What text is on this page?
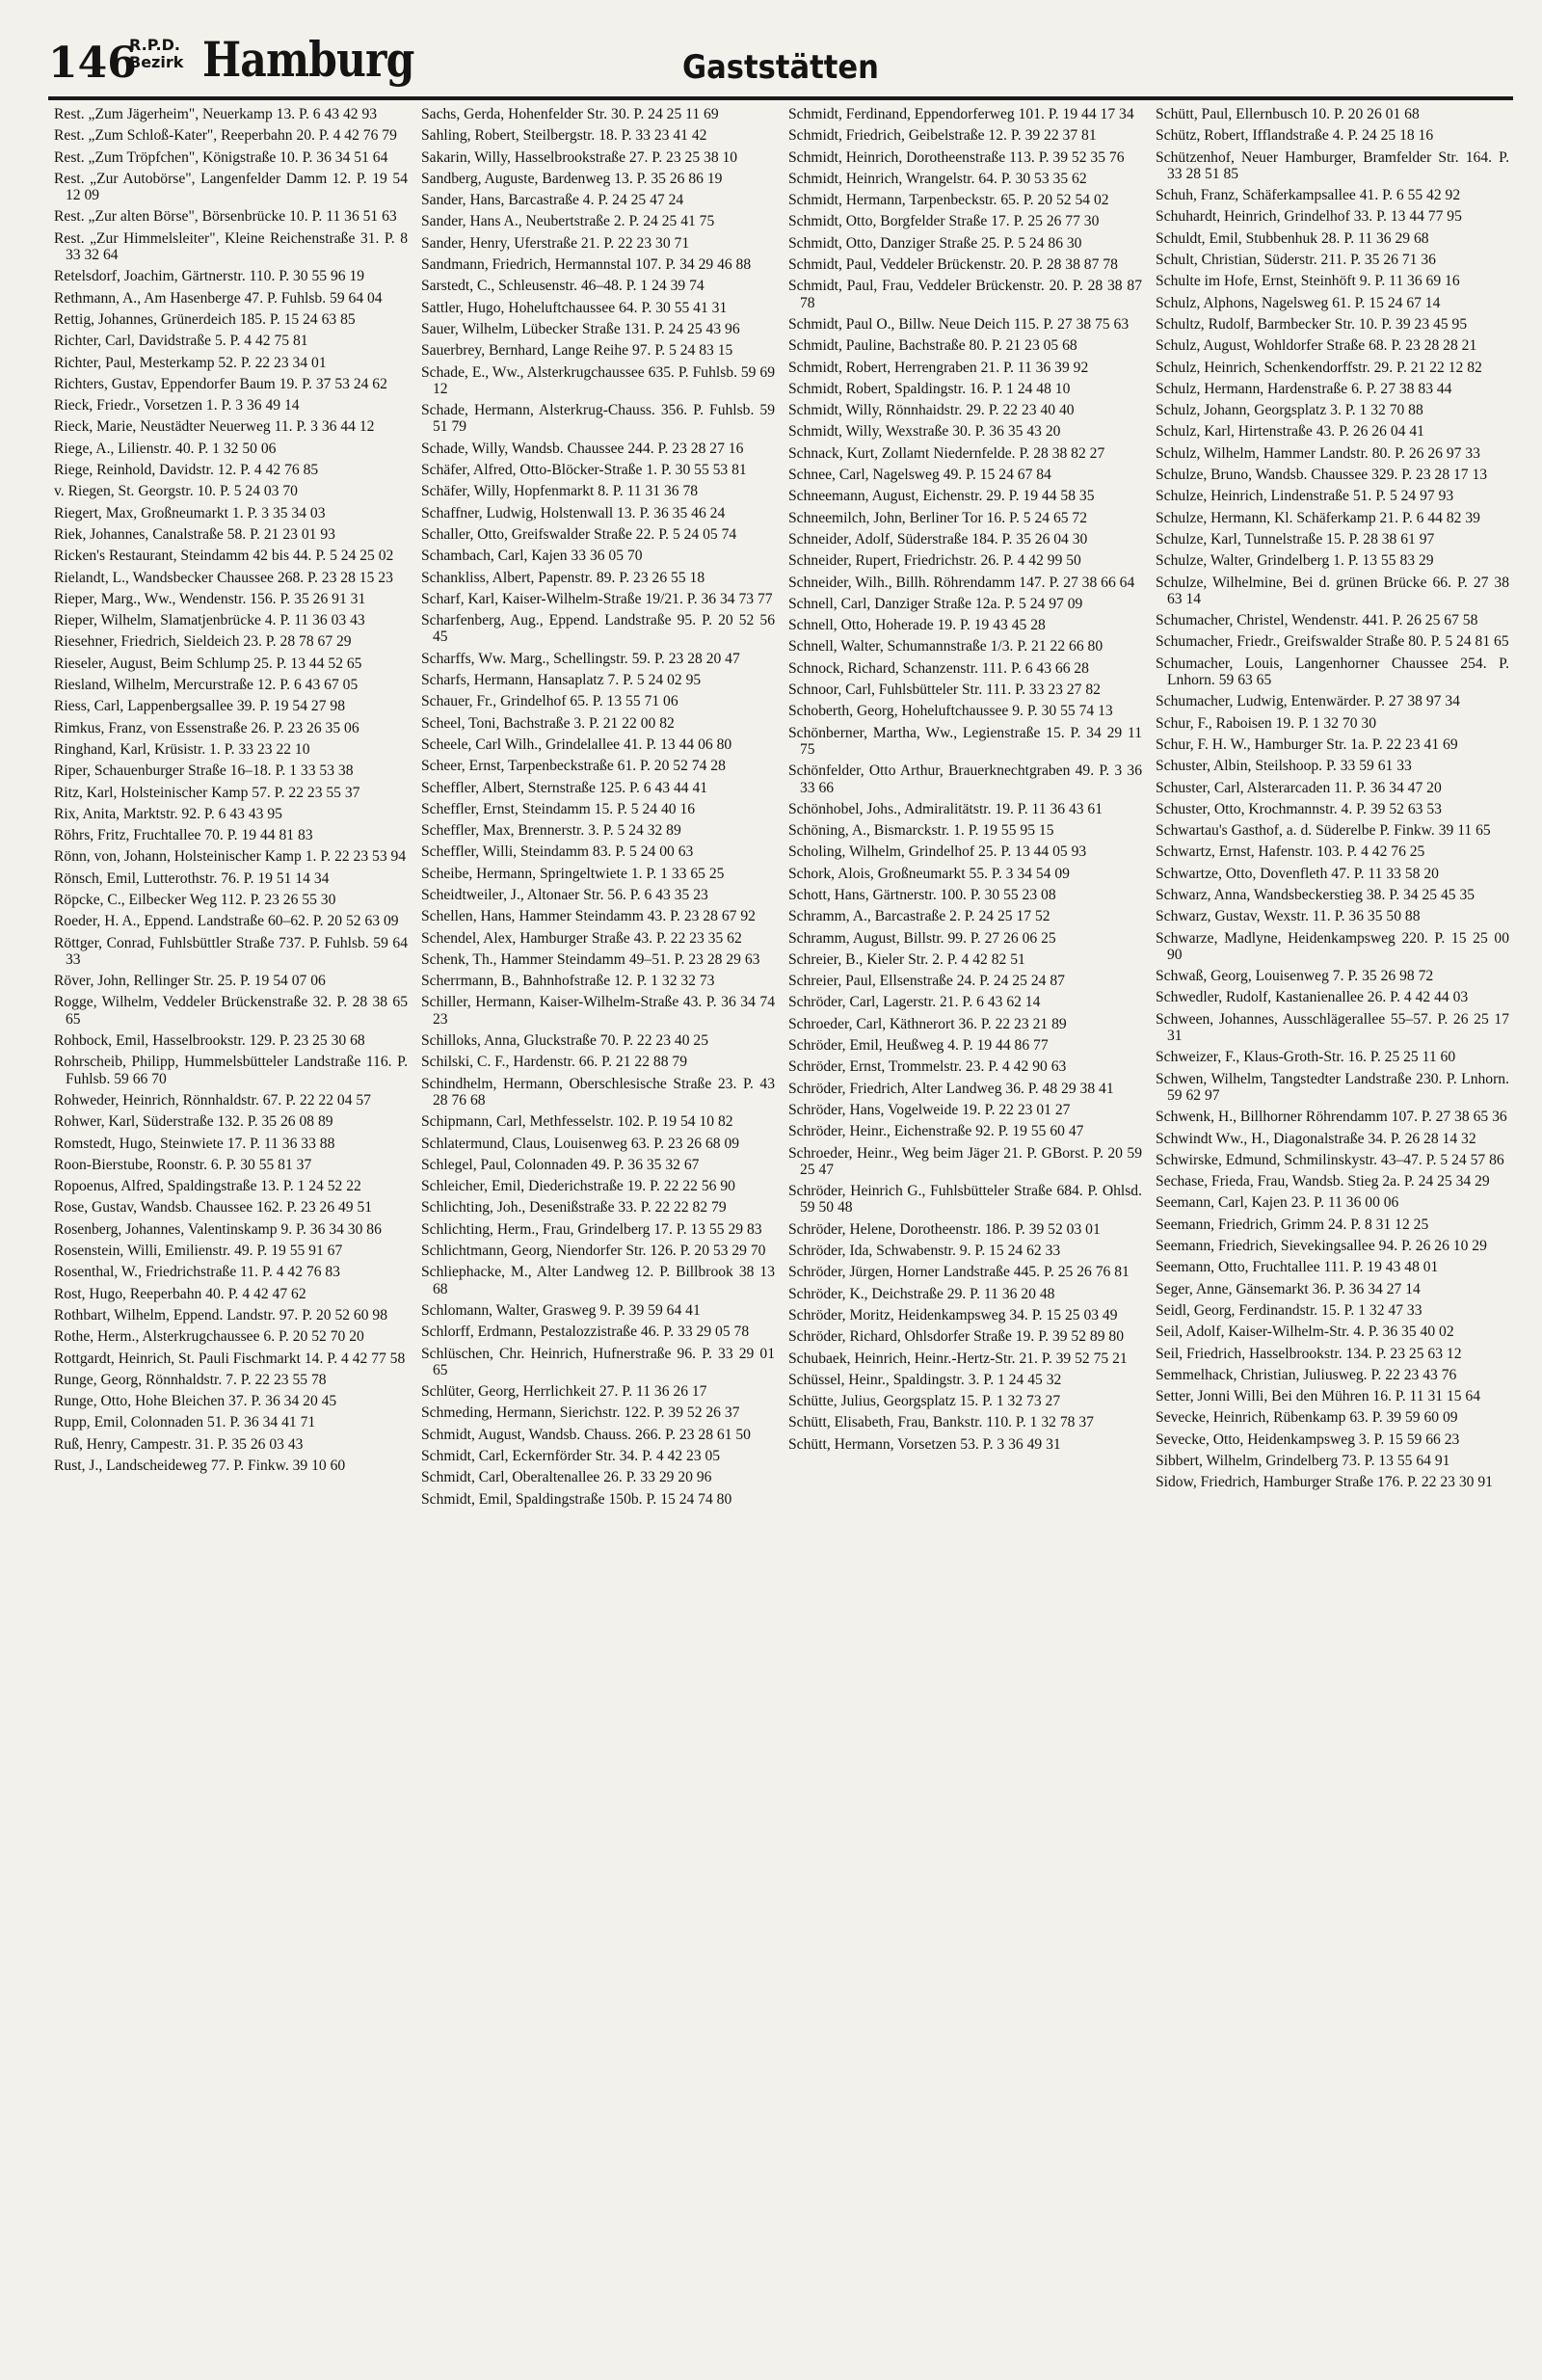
146
R.P.D.
Bezirk Hamburg	Gaststätten

Rest. „Zum Jägerheim", Neuerkamp 13. P. 6 43 42 93

Rest. „Zum Schloß-Kater", Reeperbahn 20. P. 4 42 76 79

Rest. „Zum Tröpfchen", Königstraße 10. P. 36 34 51 64

Rest. „Zur Autobörse", Langenfelder Damm 12. P. 19 54 12 09

Rest. „Zur alten Börse", Börsenbrücke 10. P. 11 36 51 63

Rest. „Zur Himmelsleiter", Kleine Reichenstraße 31. P. 8 33 32 64

Retelsdorf, Joachim, Gärtnerstr. 110. P. 30 55 96 19

Rethmann, A., Am Hasenberge 47. P. Fuhlsb. 59 64 04

Rettig, Johannes, Grünerdeich 185. P. 15 24 63 85

Richter, Carl, Davidstraße 5. P. 4 42 75 81

Richter, Paul, Mesterkamp 52. P. 22 23 34 01

Richters, Gustav, Eppendorfer Baum 19. P. 37 53 24 62

Rieck, Friedr., Vorsetzen 1. P. 3 36 49 14

Rieck, Marie, Neustädter Neuerweg 11. P. 3 36 44 12

Riege, A., Lilienstr. 40. P. 1 32 50 06

Riege, Reinhold, Davidstr. 12. P. 4 42 76 85

v. Riegen, St. Georgstr. 10. P. 5 24 03 70

Riegert, Max, Großneumarkt 1. P. 3 35 34 03

Riek, Johannes, Canalstraße 58. P. 21 23 01 93

Ricken's Restaurant, Steindamm 42 bis 44. P. 5 24 25 02

Rielandt, L., Wandsbecker Chaussee 268. P. 23 28 15 23

Rieper, Marg., Ww., Wendenstr. 156. P. 35 26 91 31

Rieper, Wilhelm, Slamatjenbrücke 4. P. 11 36 03 43

Riesehner, Friedrich, Sieldeich 23. P. 28 78 67 29

Rieseler, August, Beim Schlump 25. P. 13 44 52 65

Riesland, Wilhelm, Mercurstraße 12. P. 6 43 67 05

Riess, Carl, Lappenbergsallee 39. P. 19 54 27 98

Rimkus, Franz, von Essenstraße 26. P. 23 26 35 06

Ringhand, Karl, Krüsistr. 1. P. 33 23 22 10

Riper, Schauenburger Straße 16–18. P. 1 33 53 38

Ritz, Karl, Holsteinischer Kamp 57. P. 22 23 55 37

Rix, Anita, Marktstr. 92. P. 6 43 43 95

Röhrs, Fritz, Fruchtallee 70. P. 19 44 81 83

Rönn, von, Johann, Holsteinischer Kamp 1. P. 22 23 53 94

Rönsch, Emil, Lutterothstr. 76. P. 19 51 14 34

Röpcke, C., Eilbecker Weg 112. P. 23 26 55 30

Roeder, H. A., Eppend. Landstraße 60–62. P. 20 52 63 09

Röttger, Conrad, Fuhlsbüttler Straße 737. P. Fuhlsb. 59 64 33

Röver, John, Rellinger Str. 25. P. 19 54 07 06

Rogge, Wilhelm, Veddeler Brückenstraße 32. P. 28 38 65 65

Rohbock, Emil, Hasselbrookstr. 129. P. 23 25 30 68

Rohrscheib, Philipp, Hummelsbütteler Landstraße 116. P. Fuhlsb. 59 66 70

Rohweder, Heinrich, Rönnhaldstr. 67. P. 22 22 04 57

Rohwer, Karl, Süderstraße 132. P. 35 26 08 89

Romstedt, Hugo, Steinwiete 17. P. 11 36 33 88

Roon-Bierstube, Roonstr. 6. P. 30 55 81 37

Ropoenus, Alfred, Spaldingstraße 13. P. 1 24 52 22

Rose, Gustav, Wandsb. Chaussee 162. P. 23 26 49 51

Rosenberg, Johannes, Valentinskamp 9. P. 36 34 30 86

Rosenstein, Willi, Emilienstr. 49. P. 19 55 91 67

Rosenthal, W., Friedrichstraße 11. P. 4 42 76 83

Rost, Hugo, Reeperbahn 40. P. 4 42 47 62

Rothbart, Wilhelm, Eppend. Landstr. 97. P. 20 52 60 98

Rothe, Herm., Alsterkrugchaussee 6. P. 20 52 70 20

Rottgardt, Heinrich, St. Pauli Fischmarkt 14. P. 4 42 77 58

Runge, Georg, Rönnhaldstr. 7. P. 22 23 55 78

Runge, Otto, Hohe Bleichen 37. P. 36 34 20 45

Rupp, Emil, Colonnaden 51. P. 36 34 41 71

Ruß, Henry, Campestr. 31. P. 35 26 03 43

Rust, J., Landscheideweg 77. P. Finkw. 39 10 60

Sachs, Gerda, Hohenfelder Str. 30. P. 24 25 11 69

Sahling, Robert, Steilbergstr. 18. P. 33 23 41 42

Sakarin, Willy, Hasselbrookstraße 27. P. 23 25 38 10

Sandberg, Auguste, Bardenweg 13. P. 35 26 86 19

Sander, Hans, Barcastraße 4. P. 24 25 47 24

Sander, Hans A., Neubertstraße 2. P. 24 25 41 75

Sander, Henry, Uferstraße 21. P. 22 23 30 71

Sandmann, Friedrich, Hermannstal 107. P. 34 29 46 88

Sarstedt, C., Schleusenstr. 46–48. P. 1 24 39 74

Sattler, Hugo, Hoheluftchaussee 64. P. 30 55 41 31

Sauer, Wilhelm, Lübecker Straße 131. P. 24 25 43 96

Sauerbrey, Bernhard, Lange Reihe 97. P. 5 24 83 15

Schade, E., Ww., Alsterkrugchaussee 635. P. Fuhlsb. 59 69 12

Schade, Hermann, Alsterkrug-Chauss. 356. P. Fuhlsb. 59 51 79

Schade, Willy, Wandsb. Chaussee 244. P. 23 28 27 16

Schäfer, Alfred, Otto-Blöcker-Straße 1. P. 30 55 53 81

Schäfer, Willy, Hopfenmarkt 8. P. 11 31 36 78

Schaffner, Ludwig, Holstenwall 13. P. 36 35 46 24

Schaller, Otto, Greifswalder Straße 22. P. 5 24 05 74

Schambach, Carl, Kajen 33 36 05 70

Schankliss, Albert, Papenstr. 89. P. 23 26 55 18

Scharf, Karl, Kaiser-Wilhelm-Straße 19/21. P. 36 34 73 77

Scharfenberg, Aug., Eppend. Landstraße 95. P. 20 52 56 45

Scharffs, Ww. Marg., Schellingstr. 59. P. 23 28 20 47

Scharfs, Hermann, Hansaplatz 7. P. 5 24 02 95

Schauer, Fr., Grindelhof 65. P. 13 55 71 06

Scheel, Toni, Bachstraße 3. P. 21 22 00 82

Scheele, Carl Wilh., Grindelallee 41. P. 13 44 06 80

Scheer, Ernst, Tarpenbeckstraße 61. P. 20 52 74 28

Scheffler, Albert, Sternstraße 125. P. 6 43 44 41

Scheffler, Ernst, Steindamm 15. P. 5 24 40 16

Scheffler, Max, Brennerstr. 3. P. 5 24 32 89

Scheffler, Willi, Steindamm 83. P. 5 24 00 63

Scheibe, Hermann, Springeltwiete 1. P. 1 33 65 25

Scheidtweiler, J., Altonaer Str. 56. P. 6 43 35 23

Schellen, Hans, Hammer Steindamm 43. P. 23 28 67 92

Schendel, Alex, Hamburger Straße 43. P. 22 23 35 62

Schenk, Th., Hammer Steindamm 49–51. P. 23 28 29 63

Scherrmann, B., Bahnhofstraße 12. P. 1 32 32 73

Schiller, Hermann, Kaiser-Wilhelm-Straße 43. P. 36 34 74 23

Schilloks, Anna, Gluckstraße 70. P. 22 23 40 25

Schilski, C. F., Hardenstr. 66. P. 21 22 88 79

Schindhelm, Hermann, Oberschlesische Straße 23. P. 43 28 76 68

Schipmann, Carl, Methfesselstr. 102. P. 19 54 10 82

Schlatermund, Claus, Louisenweg 63. P. 23 26 68 09

Schlegel, Paul, Colonnaden 49. P. 36 35 32 67

Schleicher, Emil, Diederichstraße 19. P. 22 22 56 90

Schlichting, Joh., Desenißstraße 33. P. 22 22 82 79

Schlichting, Herm., Frau, Grindelberg 17. P. 13 55 29 83

Schlichtmann, Georg, Niendorfer Str. 126. P. 20 53 29 70

Schliephacke, M., Alter Landweg 12. P. Billbrook 38 13 68

Schlomann, Walter, Grasweg 9. P. 39 59 64 41

Schlorff, Erdmann, Pestalozzistraße 46. P. 33 29 05 78

Schlüschen, Chr. Heinrich, Hufnerstraße 96. P. 33 29 01 65

Schlüter, Georg, Herrlichkeit 27. P. 11 36 26 17

Schmeding, Hermann, Sierichstr. 122. P. 39 52 26 37

Schmidt, August, Wandsb. Chauss. 266. P. 23 28 61 50

Schmidt, Carl, Eckernförder Str. 34. P. 4 42 23 05

Schmidt, Carl, Oberaltenallee 26. P. 33 29 20 96

Schmidt, Emil, Spaldingstraße 150b. P. 15 24 74 80

Schmidt, Ferdinand, Eppendorferweg 101. P. 19 44 17 34

Schmidt, Friedrich, Geibelstraße 12. P. 39 22 37 81

Schmidt, Heinrich, Dorotheenstraße 113. P. 39 52 35 76

Schmidt, Heinrich, Wrangelstr. 64. P. 30 53 35 62

Schmidt, Hermann, Tarpenbeckstr. 65. P. 20 52 54 02

Schmidt, Otto, Borgfelder Straße 17. P. 25 26 77 30

Schmidt, Otto, Danziger Straße 25. P. 5 24 86 30

Schmidt, Paul, Veddeler Brückenstr. 20. P. 28 38 87 78

Schmidt, Paul, Frau, Veddeler Brückenstr. 20. P. 28 38 87 78

Schmidt, Paul O., Billw. Neue Deich 115. P. 27 38 75 63

Schmidt, Pauline, Bachstraße 80. P. 21 23 05 68

Schmidt, Robert, Herrengraben 21. P. 11 36 39 92

Schmidt, Robert, Spaldingstr. 16. P. 1 24 48 10

Schmidt, Willy, Rönnhaidstr. 29. P. 22 23 40 40

Schmidt, Willy, Wexstraße 30. P. 36 35 43 20

Schnack, Kurt, Zollamt Niedernfelde. P. 28 38 82 27

Schnee, Carl, Nagelsweg 49. P. 15 24 67 84

Schneemann, August, Eichenstr. 29. P. 19 44 58 35

Schneemilch, John, Berliner Tor 16. P. 5 24 65 72

Schneider, Adolf, Süderstraße 184. P. 35 26 04 30

Schneider, Rupert, Friedrichstr. 26. P. 4 42 99 50

Schneider, Wilh., Billh. Röhrendamm 147. P. 27 38 66 64

Schnell, Carl, Danziger Straße 12a. P. 5 24 97 09

Schnell, Otto, Hoherade 19. P. 19 43 45 28

Schnell, Walter, Schumannstraße 1/3. P. 21 22 66 80

Schnock, Richard, Schanzenstr. 111. P. 6 43 66 28

Schnoor, Carl, Fuhlsbütteler Str. 111. P. 33 23 27 82

Schoberth, Georg, Hoheluftchaussee 9. P. 30 55 74 13

Schönberner, Martha, Ww., Legienstraße 15. P. 34 29 11 75

Schönfelder, Otto Arthur, Brauerknechtgraben 49. P. 3 36 33 66

Schönhobel, Johs., Admiralitätstr. 19. P. 11 36 43 61

Schöning, A., Bismarckstr. 1. P. 19 55 95 15

Scholing, Wilhelm, Grindelhof 25. P. 13 44 05 93

Schork, Alois, Großneumarkt 55. P. 3 34 54 09

Schott, Hans, Gärtnerstr. 100. P. 30 55 23 08

Schramm, A., Barcastraße 2. P. 24 25 17 52

Schramm, August, Billstr. 99. P. 27 26 06 25

Schreier, B., Kieler Str. 2. P. 4 42 82 51

Schreier, Paul, Ellsenstraße 24. P. 24 25 24 87

Schröder, Carl, Lagerstr. 21. P. 6 43 62 14

Schroeder, Carl, Käthnerort 36. P. 22 23 21 89

Schröder, Emil, Heußweg 4. P. 19 44 86 77

Schröder, Ernst, Trommelstr. 23. P. 4 42 90 63

Schröder, Friedrich, Alter Landweg 36. P. 48 29 38 41

Schröder, Hans, Vogelweide 19. P. 22 23 01 27

Schröder, Heinr., Eichenstraße 92. P. 19 55 60 47

Schroeder, Heinr., Weg beim Jäger 21. P. GBorst. P. 20 59 25 47

Schröder, Heinrich G., Fuhlsbütteler Straße 684. P. Ohlsd. 59 50 48

Schröder, Helene, Dorotheenstr. 186. P. 39 52 03 01

Schröder, Ida, Schwabenstr. 9. P. 15 24 62 33

Schröder, Jürgen, Horner Landstraße 445. P. 25 26 76 81

Schröder, K., Deichstraße 29. P. 11 36 20 48

Schröder, Moritz, Heidenkampsweg 34. P. 15 25 03 49

Schröder, Richard, Ohlsdorfer Straße 19. P. 39 52 89 80

Schubaek, Heinrich, Heinr.-Hertz-Str. 21. P. 39 52 75 21

Schüssel, Heinr., Spaldingstr. 3. P. 1 24 45 32

Schütte, Julius, Georgsplatz 15. P. 1 32 73 27

Schütt, Elisabeth, Frau, Bankstr. 110. P. 1 32 78 37

Schütt, Hermann, Vorsetzen 53. P. 3 36 49 31

Schütt, Paul, Ellernbusch 10. P. 20 26 01 68

Schütz, Robert, Ifflandstraße 4. P. 24 25 18 16

Schützenhof, Neuer Hamburger, Bramfelder Str. 164. P. 33 28 51 85

Schuh, Franz, Schäferkampsallee 41. P. 6 55 42 92

Schuhardt, Heinrich, Grindelhof 33. P. 13 44 77 95

Schuldt, Emil, Stubbenhuk 28. P. 11 36 29 68

Schult, Christian, Süderstr. 211. P. 35 26 71 36

Schulte im Hofe, Ernst, Steinhöft 9. P. 11 36 69 16

Schulz, Alphons, Nagelsweg 61. P. 15 24 67 14

Schultz, Rudolf, Barmbecker Str. 10. P. 39 23 45 95

Schulz, August, Wohldorfer Straße 68. P. 23 28 28 21

Schulz, Heinrich, Schenkendorffstr. 29. P. 21 22 12 82

Schulz, Hermann, Hardenstraße 6. P. 27 38 83 44

Schulz, Johann, Georgsplatz 3. P. 1 32 70 88

Schulz, Karl, Hirtenstraße 43. P. 26 26 04 41

Schulz, Wilhelm, Hammer Landstr. 80. P. 26 26 97 33

Schulze, Bruno, Wandsb. Chaussee 329. P. 23 28 17 13

Schulze, Heinrich, Lindenstraße 51. P. 5 24 97 93

Schulze, Hermann, Kl. Schäferkamp 21. P. 6 44 82 39

Schulze, Karl, Tunnelstraße 15. P. 28 38 61 97

Schulze, Walter, Grindelberg 1. P. 13 55 83 29

Schulze, Wilhelmine, Bei d. grünen Brücke 66. P. 27 38 63 14

Schumacher, Christel, Wendenstr. 441. P. 26 25 67 58

Schumacher, Friedr., Greifswalder Straße 80. P. 5 24 81 65

Schumacher, Louis, Langenhorner Chaussee 254. P. Lnhorn. 59 63 65

Schumacher, Ludwig, Entenwärder. P. 27 38 97 34

Schur, F., Raboisen 19. P. 1 32 70 30

Schur, F. H. W., Hamburger Str. 1a. P. 22 23 41 69

Schuster, Albin, Steilshoop. P. 33 59 61 33

Schuster, Carl, Alsterarcaden 11. P. 36 34 47 20

Schuster, Otto, Krochmannstr. 4. P. 39 52 63 53

Schwartau's Gasthof, a. d. Süderelbe P. Finkw. 39 11 65

Schwartz, Ernst, Hafenstr. 103. P. 4 42 76 25

Schwartze, Otto, Dovenfleth 47. P. 11 33 58 20

Schwarz, Anna, Wandsbeckerstieg 38. P. 34 25 45 35

Schwarz, Gustav, Wexstr. 11. P. 36 35 50 88

Schwarze, Madlyne, Heidenkampsweg 220. P. 15 25 00 90

Schwaß, Georg, Louisenweg 7. P. 35 26 98 72

Schwedler, Rudolf, Kastanienallee 26. P. 4 42 44 03

Schween, Johannes, Ausschlägerallee 55–57. P. 26 25 17 31

Schweizer, F., Klaus-Groth-Str. 16. P. 25 25 11 60

Schwen, Wilhelm, Tangstedter Landstraße 230. P. Lnhorn. 59 62 97

Schwenk, H., Billhorner Röhrendamm 107. P. 27 38 65 36

Schwindt Ww., H., Diagonalstraße 34. P. 26 28 14 32

Schwirske, Edmund, Schmilinskystr. 43–47. P. 5 24 57 86

Sechase, Frieda, Frau, Wandsb. Stieg 2a. P. 24 25 34 29

Seemann, Carl, Kajen 23. P. 11 36 00 06

Seemann, Friedrich, Grimm 24. P. 8 31 12 25

Seemann, Friedrich, Sievekingsallee 94. P. 26 26 10 29

Seemann, Otto, Fruchtallee 111. P. 19 43 48 01

Seger, Anne, Gänsemarkt 36. P. 36 34 27 14

Seidl, Georg, Ferdinandstr. 15. P. 1 32 47 33

Seil, Adolf, Kaiser-Wilhelm-Str. 4. P. 36 35 40 02

Seil, Friedrich, Hasselbrookstr. 134. P. 23 25 63 12

Semmelhack, Christian, Juliusweg. P. 22 23 43 76

Setter, Jonni Willi, Bei den Mühren 16. P. 11 31 15 64

Sevecke, Heinrich, Rübenkamp 63. P. 39 59 60 09

Sevecke, Otto, Heidenkampsweg 3. P. 15 59 66 23

Sibbert, Wilhelm, Grindelberg 73. P. 13 55 64 91

Sidow, Friedrich, Hamburger Straße 176. P. 22 23 30 91
